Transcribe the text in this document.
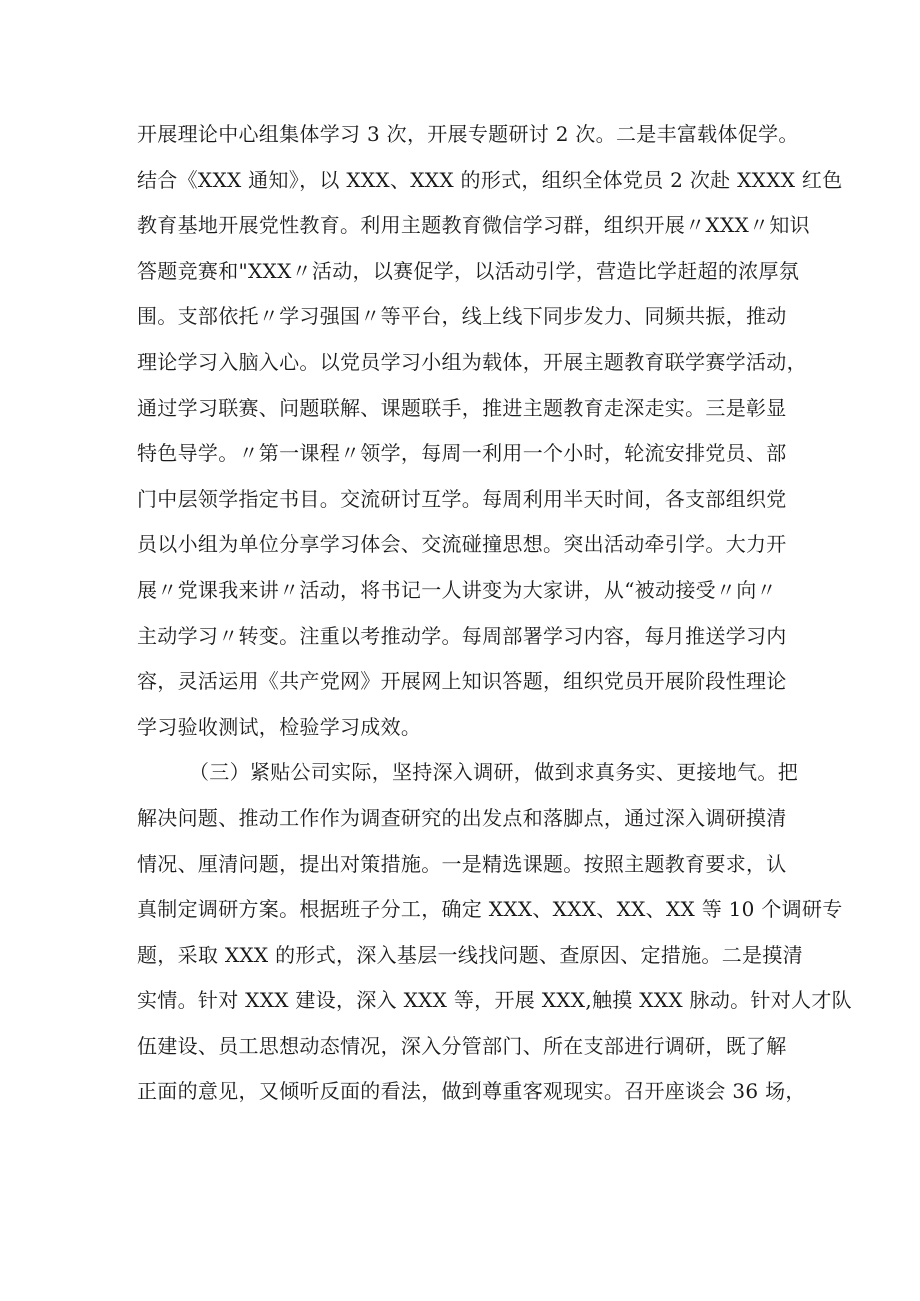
开展理论中心组集体学习 3 次，开展专题研讨 2 次。二是丰富载体促学。
结合《XXX 通知》，以 XXX、XXX 的形式，组织全体党员 2 次赴 XXXX 红色
教育基地开展党性教育。利用主题教育微信学习群，组织开展〃XXX〃知识
答题竞赛和"XXX〃活动，以赛促学，以活动引学，营造比学赶超的浓厚氛
围。支部依托〃学习强国〃等平台，线上线下同步发力、同频共振，推动
理论学习入脑入心。以党员学习小组为载体，开展主题教育联学赛学活动，
通过学习联赛、问题联解、课题联手，推进主题教育走深走实。三是彰显
特色导学。〃第一课程〃领学，每周一利用一个小时，轮流安排党员、部
门中层领学指定书目。交流研讨互学。每周利用半天时间，各支部组织党
员以小组为单位分享学习体会、交流碰撞思想。突出活动牵引学。大力开
展〃党课我来讲〃活动，将书记一人讲变为大家讲，从“被动接受〃向〃
主动学习〃转变。注重以考推动学。每周部署学习内容，每月推送学习内
容，灵活运用《共产党网》开展网上知识答题，组织党员开展阶段性理论
学习验收测试，检验学习成效。
（三）紧贴公司实际，坚持深入调研，做到求真务实、更接地气。把
解决问题、推动工作作为调查研究的出发点和落脚点，通过深入调研摸清
情况、厘清问题，提出对策措施。一是精选课题。按照主题教育要求，认
真制定调研方案。根据班子分工，确定 XXX、XXX、XX、XX 等 10 个调研专
题，采取 XXX 的形式，深入基层一线找问题、查原因、定措施。二是摸清
实情。针对 XXX 建设，深入 XXX 等，开展 XXX,触摸 XXX 脉动。针对人才队
伍建设、员工思想动态情况，深入分管部门、所在支部进行调研，既了解
正面的意见，又倾听反面的看法，做到尊重客观现实。召开座谈会 36 场，
